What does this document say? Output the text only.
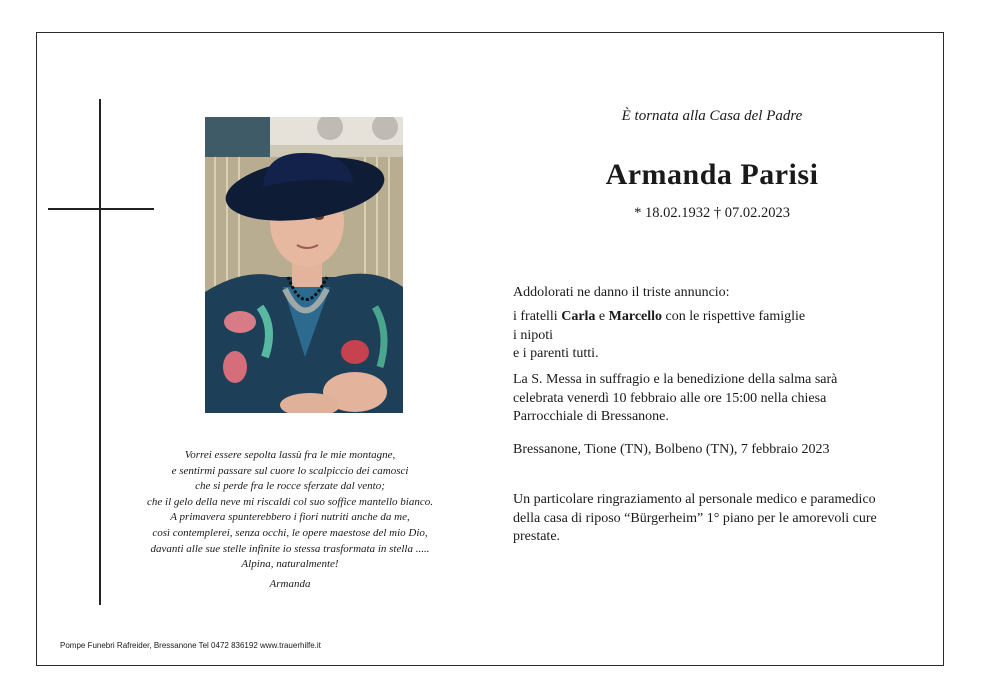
Vorrei essere sepolta lassù fra le mie montagne,
e sentirmi passare sul cuore lo scalpiccio dei camosci
che si perde fra le rocce sferzate dal vento;
che il gelo della neve mi riscaldi col suo soffice mantello bianco.
A primavera spunterebbero i fiori nutriti anche da me,
così contemplerei, senza occhi, le opere maestose del mio Dio,
davanti alle sue stelle infinite io stessa trasformata in stella .....
Alpina, naturalmente!
Armanda
È tornata alla Casa del Padre
Armanda Parisi
* 18.02.1932 † 07.02.2023
Addolorati ne danno il triste annuncio:
i fratelli Carla e Marcello con le rispettive famiglie
i nipoti
e i parenti tutti.
La S. Messa in suffragio e la benedizione della salma sarà
celebrata venerdì 10 febbraio alle ore 15:00 nella chiesa
Parrocchiale di Bressanone.
Bressanone, Tione (TN), Bolbeno (TN), 7 febbraio 2023
Un particolare ringraziamento al personale medico e paramedico
della casa di riposo “Bürgerheim” 1° piano per le amorevoli cure
prestate.
Pompe Funebri Rafreider, Bressanone Tel 0472 836192 www.trauerhilfe.it
